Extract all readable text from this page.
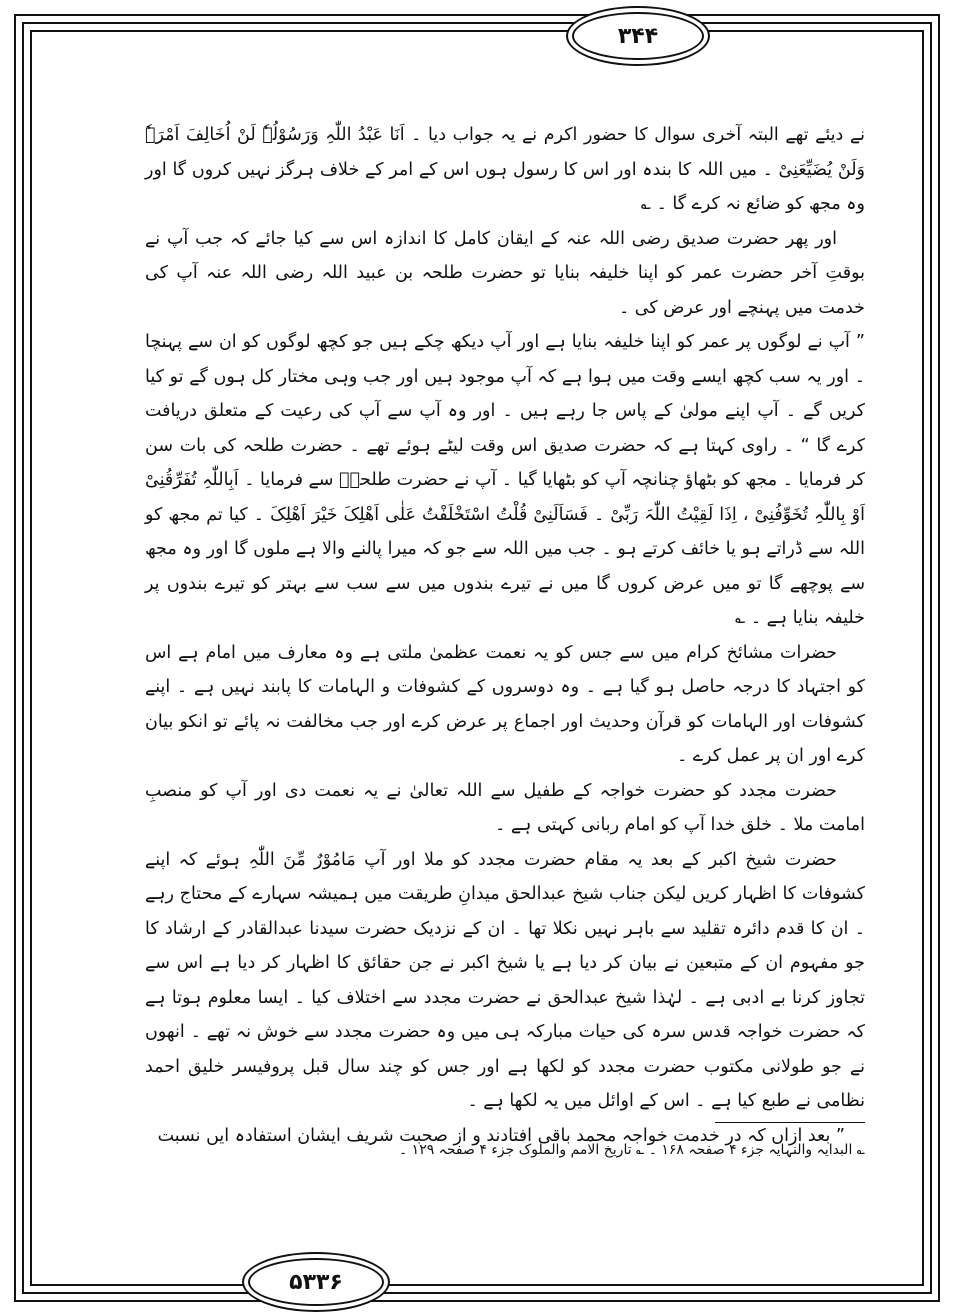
۳۴۴

نے دیئے تھے البتہ آخری سوال کا حضور اکرم نے یہ جواب دیا ۔ اَنَا عَبْدُ اللّٰہِ وَرَسُوْلُہٗ لَنْ اُخَالِفَ اَمْرَہٗ وَلَنْ یُضَیِّعَنِیْ ۔ میں اللہ کا بندہ اور اس کا رسول ہوں اس کے امر کے خلاف ہرگز نہیں کروں گا اور وہ مجھ کو ضائع نہ کرے گا ۔ ؎

اور پھر حضرت صدیق رضی اللہ عنہ کے ایقان کامل کا اندازہ اس سے کیا جائے کہ جب آپ نے بوقتِ آخر حضرت عمر کو اپنا خلیفہ بنایا تو حضرت طلحہ بن عبید اللہ رضی اللہ عنہ آپ کی خدمت میں پہنچے اور عرض کی ۔

” آپ نے لوگوں پر عمر کو اپنا خلیفہ بنایا ہے اور آپ دیکھ چکے ہیں جو کچھ لوگوں کو ان سے پہنچا ۔ اور یہ سب کچھ ایسے وقت میں ہوا ہے کہ آپ موجود ہیں اور جب وہی مختار کل ہوں گے تو کیا کریں گے ۔ آپ اپنے مولیٰ کے پاس جا رہے ہیں ۔ اور وہ آپ سے آپ کی رعیت کے متعلق دریافت کرے گا “ ۔ راوی کہتا ہے کہ حضرت صدیق اس وقت لیٹے ہوئے تھے ۔ حضرت طلحہ کی بات سن کر فرمایا ۔ مجھ کو بٹھاؤ چنانچہ آپ کو بٹھایا گیا ۔ آپ نے حضرت طلحہؓ سے فرمایا ۔ اَبِاللّٰہِ تُفَرِّقُنِیْ اَوْ بِاللّٰہِ تُخَوِّفُنِیْ ، اِذَا لَقِیْتُ اللّٰہَ رَبِّیْ ۔ فَسَاَلَنِیْ قُلْتُ اسْتَخْلَفْتُ عَلٰی اَھْلِکَ خَیْرَ اَھْلِکَ ۔ کیا تم مجھ کو اللہ سے ڈراتے ہو یا خائف کرتے ہو ۔ جب میں اللہ سے جو کہ میرا پالنے والا ہے ملوں گا اور وہ مجھ سے پوچھے گا تو میں عرض کروں گا میں نے تیرے بندوں میں سے سب سے بہتر کو تیرے بندوں پر خلیفہ بنایا ہے ۔ ؎

حضرات مشائخ کرام میں سے جس کو یہ نعمت عظمیٰ ملتی ہے وہ معارف میں امام ہے اس کو اجتہاد کا درجہ حاصل ہو گیا ہے ۔ وہ دوسروں کے کشوفات و الہامات کا پابند نہیں ہے ۔ اپنے کشوفات اور الہامات کو قرآن وحدیث اور اجماع پر عرض کرے اور جب مخالفت نہ پائے تو انکو بیان کرے اور ان پر عمل کرے ۔

حضرت مجدد کو حضرت خواجہ کے طفیل سے اللہ تعالیٰ نے یہ نعمت دی اور آپ کو منصبِ امامت ملا ۔ خلق خدا آپ کو امام ربانی کہتی ہے ۔

حضرت شیخ اکبر کے بعد یہ مقام حضرت مجدد کو ملا اور آپ مَامُوْرٌ مِّنَ اللّٰہِ ہوئے کہ اپنے کشوفات کا اظہار کریں لیکن جناب شیخ عبدالحق میدانِ طریقت میں ہمیشہ سہارے کے محتاج رہے ۔ ان کا قدم دائرہ تقلید سے باہر نہیں نکلا تھا ۔ ان کے نزدیک حضرت سیدنا عبدالقادر کے ارشاد کا جو مفہوم ان کے متبعین نے بیان کر دیا ہے یا شیخ اکبر نے جن حقائق کا اظہار کر دیا ہے اس سے تجاوز کرنا بے ادبی ہے ۔ لہٰذا شیخ عبدالحق نے حضرت مجدد سے اختلاف کیا ۔ ایسا معلوم ہوتا ہے کہ حضرت خواجہ قدس سرہ کی حیات مبارکہ ہی میں وہ حضرت مجدد سے خوش نہ تھے ۔ انھوں نے جو طولانی مکتوب حضرت مجدد کو لکھا ہے اور جس کو چند سال قبل پروفیسر خلیق احمد نظامی نے طبع کیا ہے ۔ اس کے اوائل میں یہ لکھا ہے ۔

” بعد ازاں کہ در خدمت خواجہ محمد باقی افتادند و از صحبت شریف ایشان استفادہ ایں نسبت

؎ البدایہ والنہایہ جزء ۴ صفحہ ۱۶۸ ۔ ؎ تاریخ الامم والملوک جزء ۴ صفحہ ۱۲۹ ۔
۵۳۳۶
